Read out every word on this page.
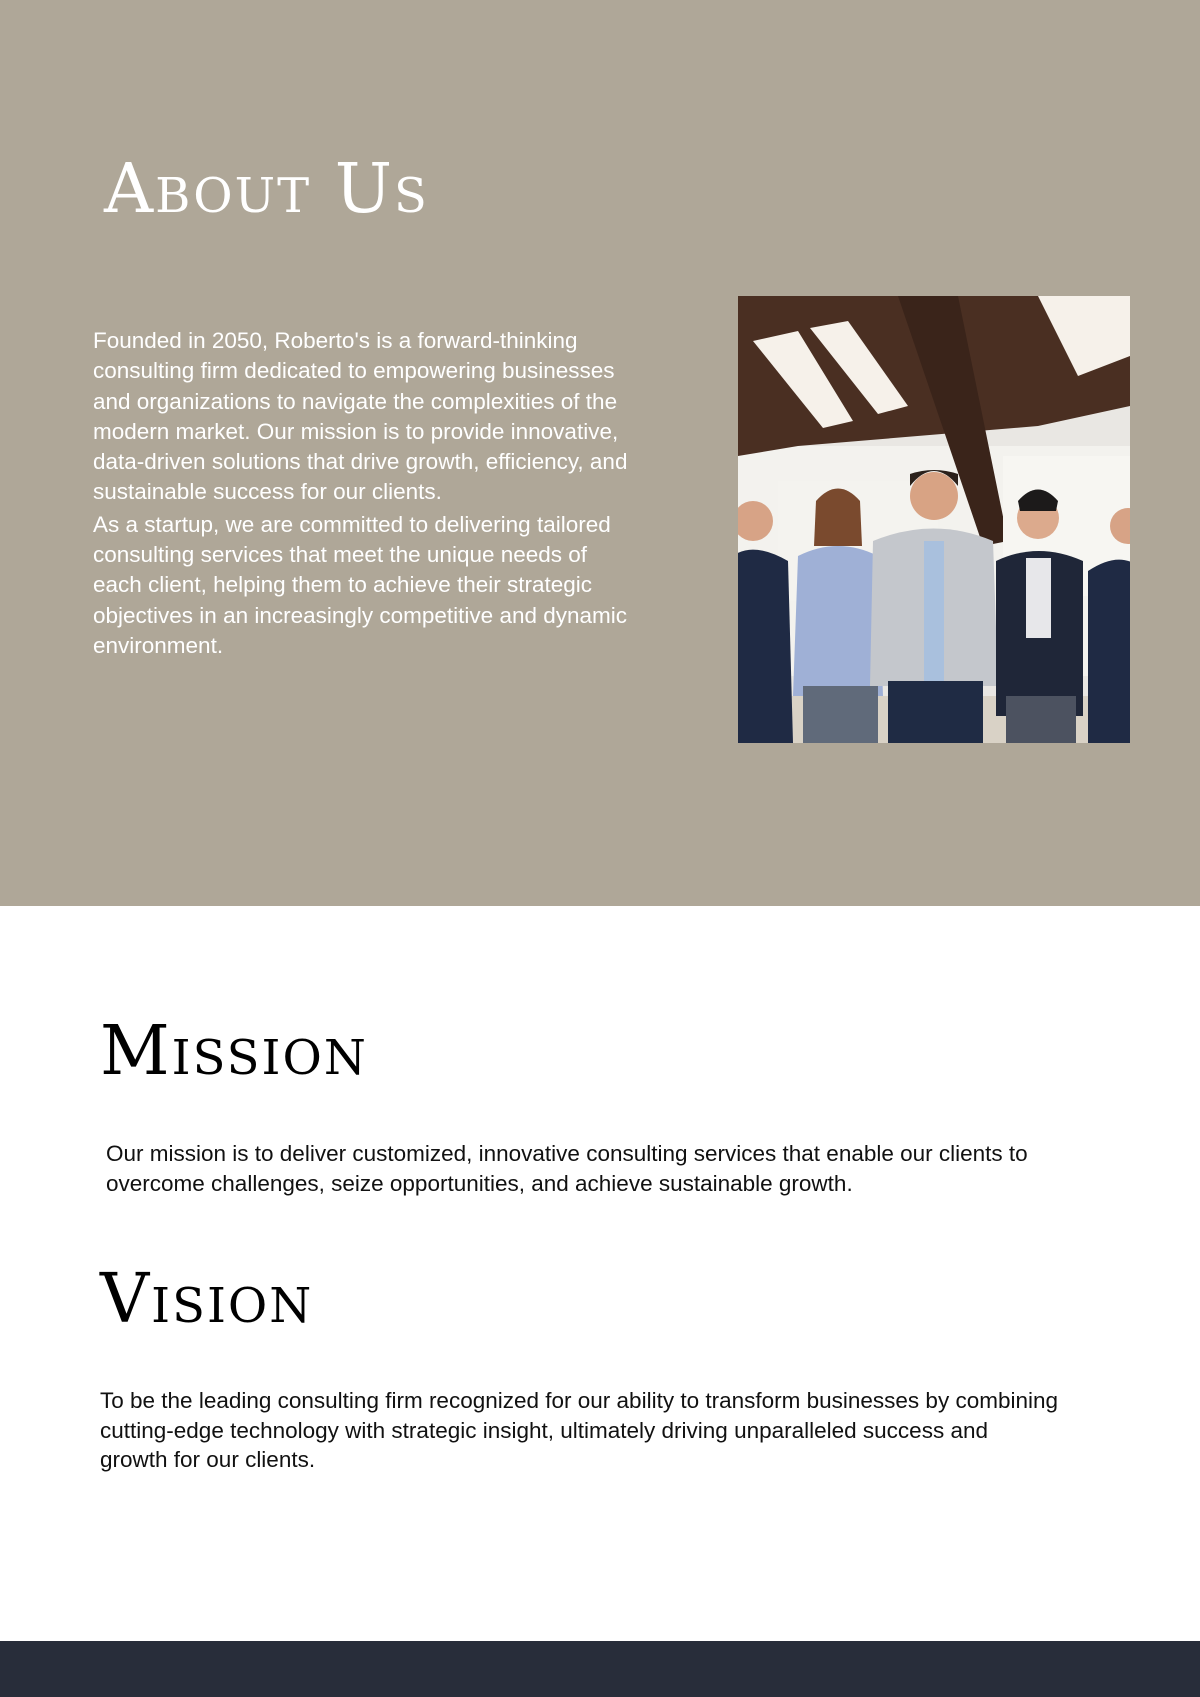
About Us

Founded in 2050, Roberto's is a forward-thinking consulting firm dedicated to empowering businesses and organizations to navigate the complexities of the modern market. Our mission is to provide innovative, data-driven solutions that drive growth, efficiency, and sustainable success for our clients.

As a startup, we are committed to delivering tailored consulting services that meet the unique needs of each client, helping them to achieve their strategic objectives in an increasingly competitive and dynamic environment.

Mission

Our mission is to deliver customized, innovative consulting services that enable our clients to overcome challenges, seize opportunities, and achieve sustainable growth.

Vision

To be the leading consulting firm recognized for our ability to transform businesses by combining cutting-edge technology with strategic insight, ultimately driving unparalleled success and growth for our clients.
